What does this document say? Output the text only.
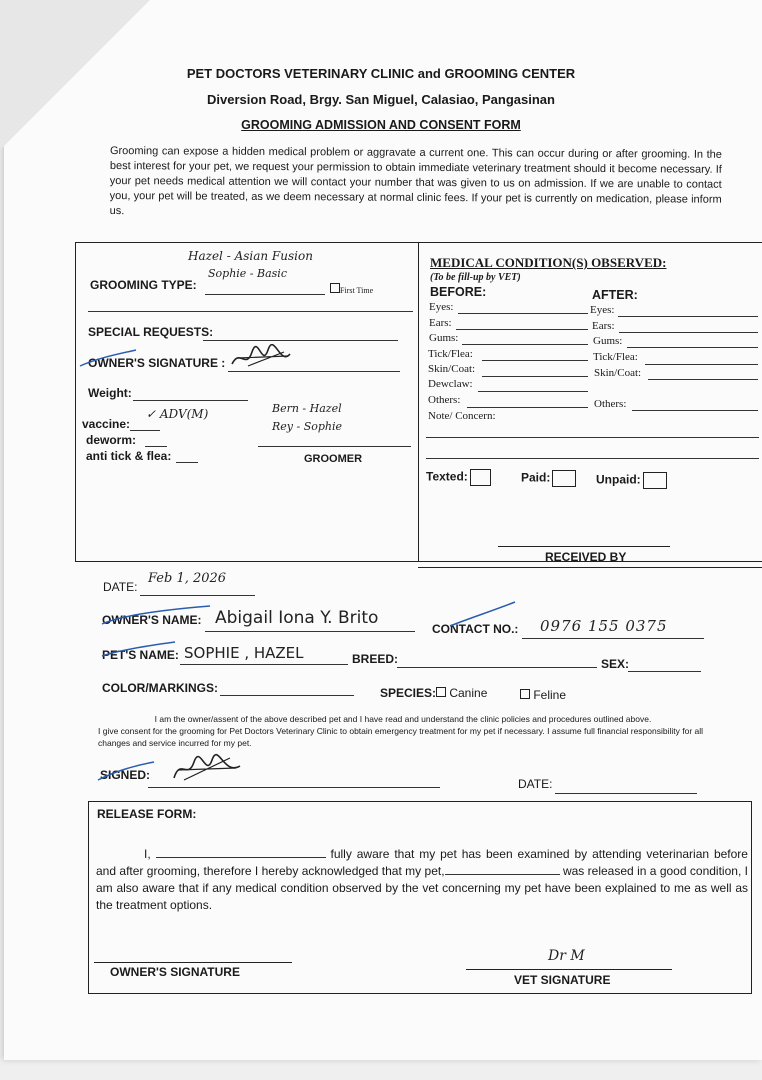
PET DOCTORS VETERINARY CLINIC and GROOMING CENTER
Diversion Road, Brgy. San Miguel, Calasiao, Pangasinan
GROOMING ADMISSION AND CONSENT FORM
Grooming can expose a hidden medical problem or aggravate a current one. This can occur during or after grooming. In the best interest for your pet, we request your permission to obtain immediate veterinary treatment should it become necessary. If your pet needs medical attention we will contact your number that was given to us on admission. If we are unable to contact you, your pet will be treated, as we deem necessary at normal clinic fees. If your pet is currently on medication, please inform us.
Hazel - Asian Fusion
Sophie - Basic
GROOMING TYPE:	First Time
SPECIAL REQUESTS:
OWNER'S SIGNATURE :
Weight:
vaccine:
✓ ADV(M)
deworm:
anti tick & flea:
Bern - Hazel
Rey - Sophie
GROOMER
MEDICAL CONDITION(S) OBSERVED:
(To be fill-up by VET)
BEFORE:	AFTER:
Eyes:	Eyes:
Ears:	Ears:
Gums:	Gums:
Tick/Flea:	Tick/Flea:
Skin/Coat:	Skin/Coat:
Dewclaw:
Others:	Others:
Note/ Concern:
Texted:	Paid:	Unpaid:
RECEIVED BY
DATE:
Feb 1, 2026
OWNER'S NAME: Abigail Iona Y. Brito
CONTACT NO.: 0976 155 0375
PET'S NAME: SOPHIE , HAZEL	BREED:	SEX:
COLOR/MARKINGS:	SPECIES:	Canine	Feline
I am the owner/assent of the above described pet and I have read and understand the clinic policies and procedures outlined above.
I give consent for the grooming for Pet Doctors Veterinary Clinic to obtain emergency treatment for my pet if necessary. I assume full financial responsibility for all changes and service incurred for my pet.
SIGNED:
DATE:
RELEASE FORM:
I,	fully aware that my pet has been examined by attending veterinarian before and after grooming, therefore I hereby acknowledged that my pet,	was released in a good condition, I am also aware that if any medical condition observed by the vet concerning my pet have been explained to me as well as the treatment options.
OWNER'S SIGNATURE
Dr M
VET SIGNATURE
